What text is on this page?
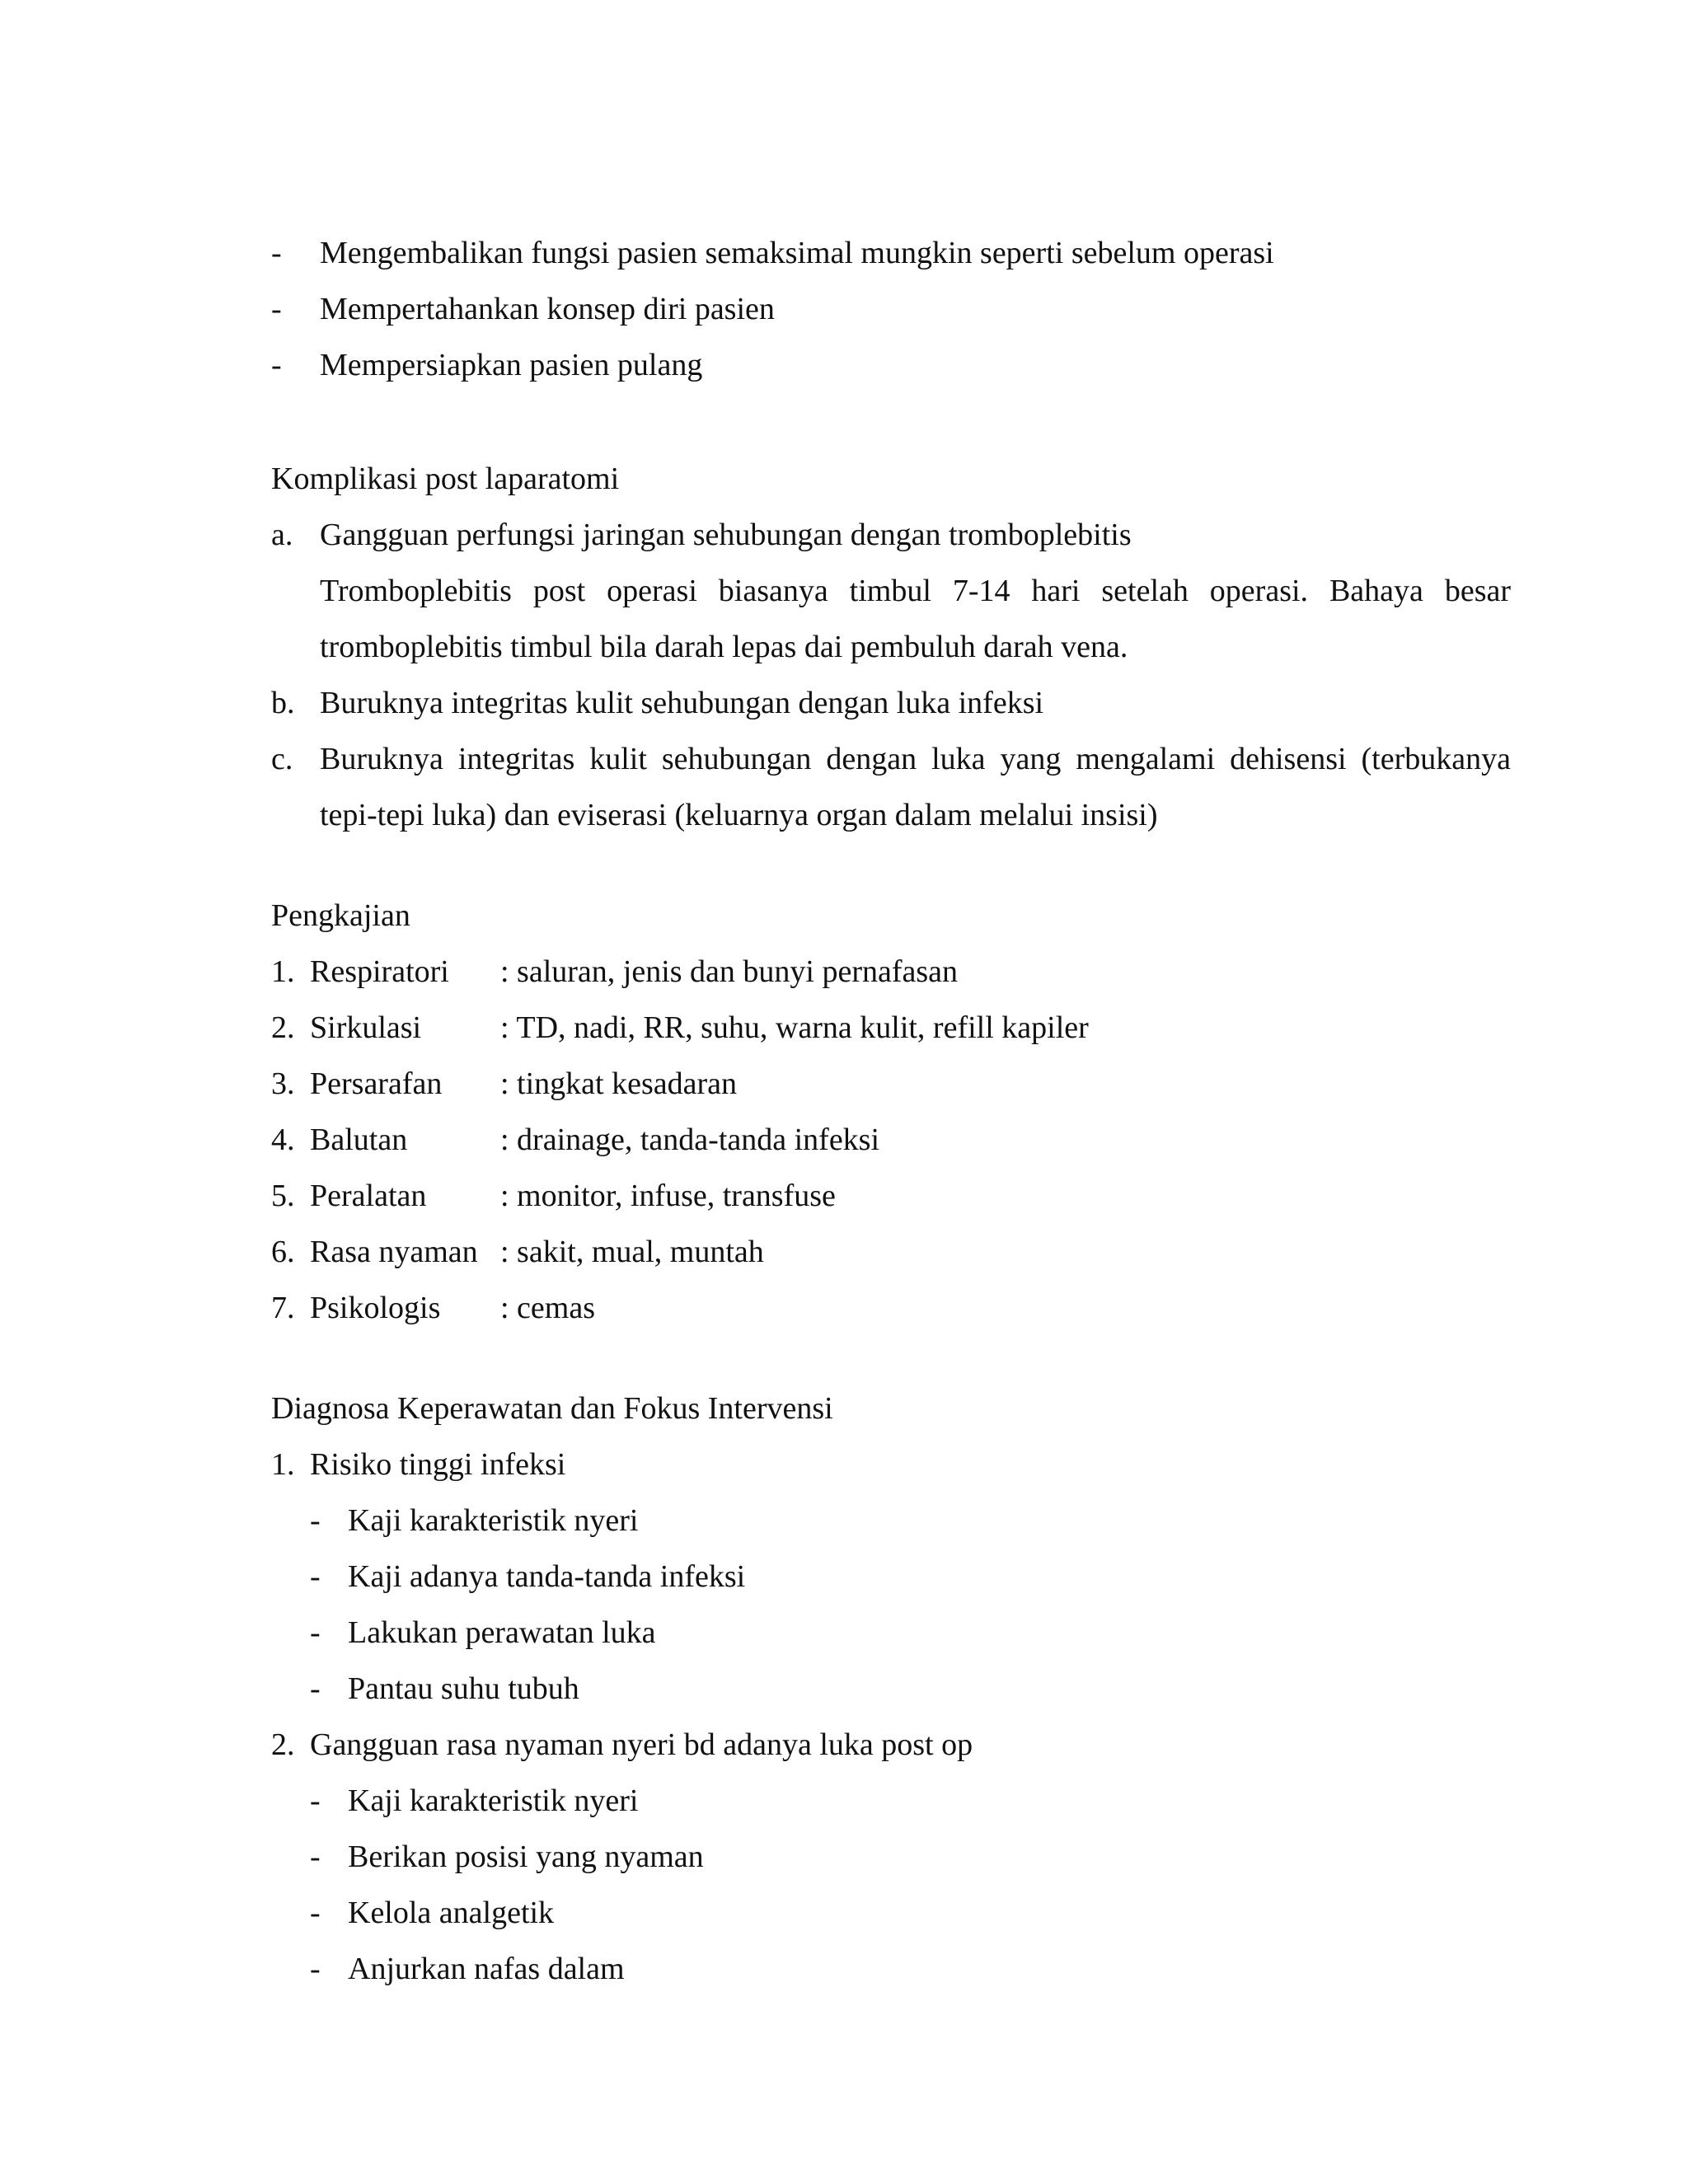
-	Mengembalikan fungsi pasien semaksimal mungkin seperti sebelum operasi
-	Mempertahankan konsep diri pasien
-	Mempersiapkan pasien pulang
Komplikasi post laparatomi
a. Gangguan perfungsi jaringan sehubungan dengan tromboplebitis
Tromboplebitis post operasi biasanya timbul 7-14 hari setelah operasi. Bahaya besar
tromboplebitis timbul bila darah lepas dai pembuluh darah vena.
b. Buruknya integritas kulit sehubungan dengan luka infeksi
c. Buruknya integritas kulit sehubungan dengan luka yang mengalami dehisensi (terbukanya
tepi-tepi luka) dan eviserasi (keluarnya organ dalam melalui insisi)
Pengkajian
1. Respiratori : saluran, jenis dan bunyi pernafasan
2. Sirkulasi	: TD, nadi, RR, suhu, warna kulit, refill kapiler
3. Persarafan : tingkat kesadaran
4. Balutan	: drainage, tanda-tanda infeksi
5. Peralatan : monitor, infuse, transfuse
6. Rasa nyaman : sakit, mual, muntah
7. Psikologis : cemas
Diagnosa Keperawatan dan Fokus Intervensi
1. Risiko tinggi infeksi
- Kaji karakteristik nyeri
- Kaji adanya tanda-tanda infeksi
- Lakukan perawatan luka
- Pantau suhu tubuh
2. Gangguan rasa nyaman nyeri bd adanya luka post op
- Kaji karakteristik nyeri
- Berikan posisi yang nyaman
- Kelola analgetik
- Anjurkan nafas dalam
